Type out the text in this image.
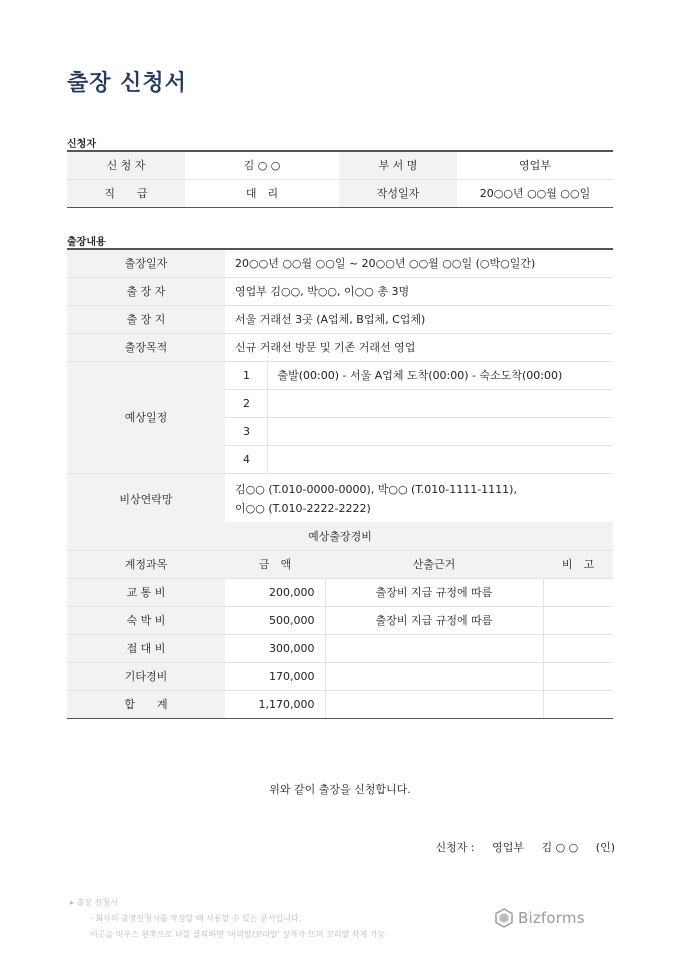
출장 신청서
신청자
신 청 자	김 ○ ○	부 서 명	영업부
직　　급	대　리	작성일자	20○○년 ○○월 ○○일
출장내용
출장일자	20○○년 ○○월 ○○일 ~ 20○○년 ○○월 ○○일 (○박○일간)	
출 장 자	영업부 김○○, 박○○, 이○○ 총 3명	
출 장 지	서울 거래선 3곳 (A업체, B업체, C업체)	
출장목적	신규 거래선 방문 및 기존 거래선 영업	
예상일정	1	출발(00:00) - 서울 A업체 도착(00:00) - 숙소도착(00:00)
	2	
	3	
	4	
비상연락망	김○○ (T.010-0000-0000), 박○○ (T.010-1111-1111),
이○○ (T.010-2222-2222)	
예상출장경비			
계정과목	금　액	산출근거	비　고
교 통 비	200,000	출장비 지급 규정에 따름	
숙 박 비	500,000	출장비 지급 규정에 따름	
접 대 비	300,000		
기타경비	170,000		
합　　계	1,170,000		
위와 같이 출장을 신청합니다.
신청자 : 영업부 김 ○ ○ (인)
▸ 출장 신청서
- 회사의 출장신청서를 작성할 때 사용할 수 있는 문서입니다.
이곳을 마우스 왼쪽으로 더블 클릭하면 '머리말/꼬리말' 상자가 뜨며 꼬리말 삭제 가능
Bizforms
